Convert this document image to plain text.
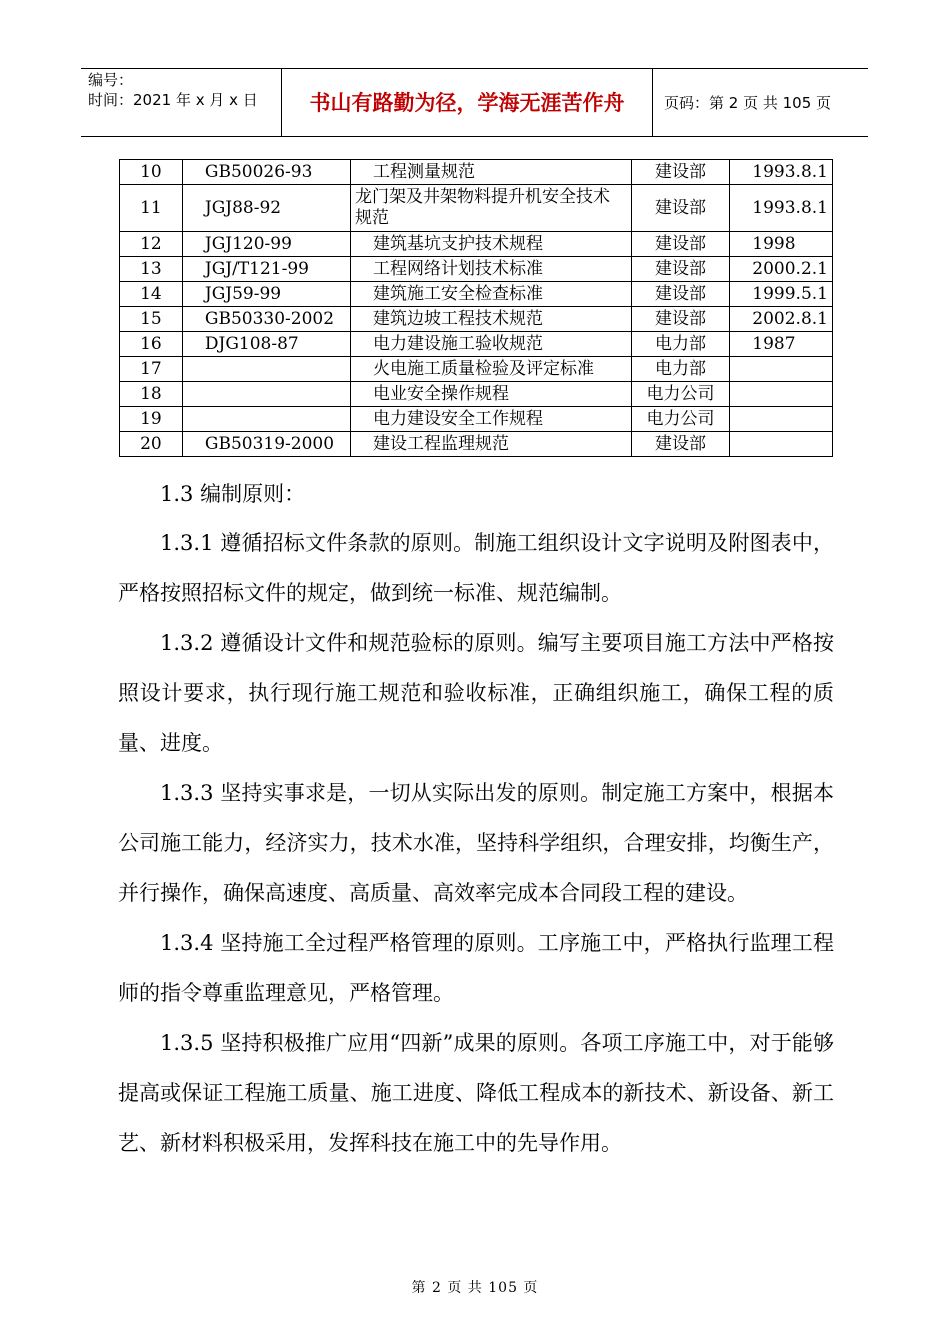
编号：
时间：2021 年 x 月 x 日	书山有路勤为径，学海无涯苦作舟	页码：第 2 页 共 105 页
10	GB50026-93	工程测量规范	建设部	1993.8.1
11	JGJ88-92	龙门架及井架物料提升机安全技术规范	建设部	1993.8.1
12	JGJ120-99	建筑基坑支护技术规程	建设部	1998
13	JGJ/T121-99	工程网络计划技术标准	建设部	2000.2.1
14	JGJ59-99	建筑施工安全检查标准	建设部	1999.5.1
15	GB50330-2002	建筑边坡工程技术规范	建设部	2002.8.1
16	DJG108-87	电力建设施工验收规范	电力部	1987
17		火电施工质量检验及评定标准	电力部	
18		电业安全操作规程	电力公司	
19		电力建设安全工作规程	电力公司	
20	GB50319-2000	建设工程监理规范	建设部	

1.3 编制原则：

1.3.1 遵循招标文件条款的原则。制施工组织设计文字说明及附图表中，严格按照招标文件的规定，做到统一标准、规范编制。

1.3.2 遵循设计文件和规范验标的原则。编写主要项目施工方法中严格按照设计要求，执行现行施工规范和验收标准，正确组织施工，确保工程的质量、进度。

1.3.3 坚持实事求是，一切从实际出发的原则。制定施工方案中，根据本公司施工能力，经济实力，技术水准，坚持科学组织，合理安排，均衡生产，并行操作，确保高速度、高质量、高效率完成本合同段工程的建设。

1.3.4 坚持施工全过程严格管理的原则。工序施工中，严格执行监理工程师的指令尊重监理意见，严格管理。

1.3.5 坚持积极推广应用“四新”成果的原则。各项工序施工中，对于能够提高或保证工程施工质量、施工进度、降低工程成本的新技术、新设备、新工艺、新材料积极采用，发挥科技在施工中的先导作用。

第 2 页 共 105 页
